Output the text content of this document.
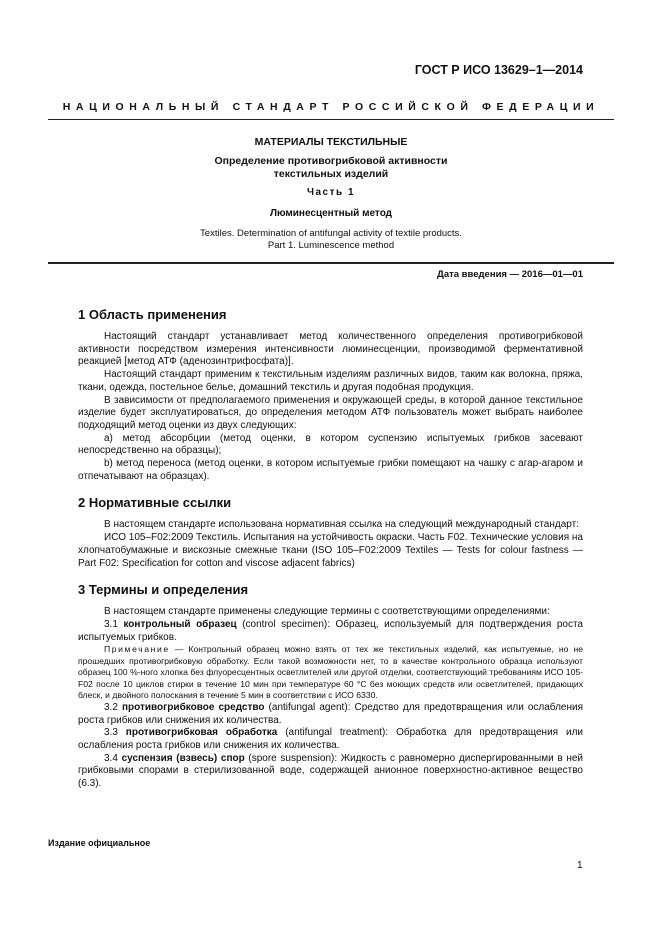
ГОСТ Р ИСО 13629–1—2014
НАЦИОНАЛЬНЫЙ СТАНДАРТ РОССИЙСКОЙ ФЕДЕРАЦИИ
МАТЕРИАЛЫ ТЕКСТИЛЬНЫЕ
Определение противогрибковой активности
текстильных изделий
Часть 1
Люминесцентный метод
Textiles. Determination of antifungal activity of textile products.
Part 1. Luminescence method
Дата введения — 2016—01—01
1 Область применения

Настоящий стандарт устанавливает метод количественного определения противогрибковой активности посредством измерения интенсивности люминесценции, производимой ферментативной реакцией [метод АТФ (аденозинтрифосфата)].

Настоящий стандарт применим к текстильным изделиям различных видов, таким как волокна, пряжа, ткани, одежда, постельное белье, домашний текстиль и другая подобная продукция.

В зависимости от предполагаемого применения и окружающей среды, в которой данное текстильное изделие будет эксплуатироваться, до определения методом АТФ пользователь может выбрать наиболее подходящий метод оценки из двух следующих:

а) метод абсорбции (метод оценки, в котором суспензию испытуемых грибков засевают непосредственно на образцы);

b) метод переноса (метод оценки, в котором испытуемые грибки помещают на чашку с агар-агаром и отпечатывают на образцах).

2 Нормативные ссылки

В настоящем стандарте использована нормативная ссылка на следующий международный стандарт:

ИСО 105–F02:2009 Текстиль. Испытания на устойчивость окраски. Часть F02. Технические условия на хлопчатобумажные и вискозные смежные ткани (ISO 105–F02:2009 Textiles — Tests for colour fastness — Part F02: Specification for cotton and viscose adjacent fabrics)

3 Термины и определения

В настоящем стандарте применены следующие термины с соответствующими определениями:

3.1 контрольный образец (control specimen): Образец, используемый для подтверждения роста испытуемых грибков.

Примечание — Контрольный образец можно взять от тех же текстильных изделий, как испытуемые, но не прошедших противогрибковую обработку. Если такой возможности нет, то в качестве контрольного образца используют образец 100 %-ного хлопка без флуоресцентных осветлителей или другой отделки, соответствующий требованиям ИСО 105-F02 после 10 циклов стирки в течение 10 мин при температуре 60 °С без моющих средств или осветлителей, придающих блеск, и двойного полоскания в течение 5 мин в соответствии с ИСО 6330.

3.2 противогрибковое средство (antifungal agent): Средство для предотвращения или ослабления роста грибков или снижения их количества.

3.3 противогрибковая обработка (antifungal treatment): Обработка для предотвращения или ослабления роста грибков или снижения их количества.

3.4 суспензия (взвесь) спор (spore suspension): Жидкость с равномерно диспергированными в ней грибковыми спорами в стерилизованной воде, содержащей анионное поверхностно-активное вещество (6.3).

Издание официальное
1
